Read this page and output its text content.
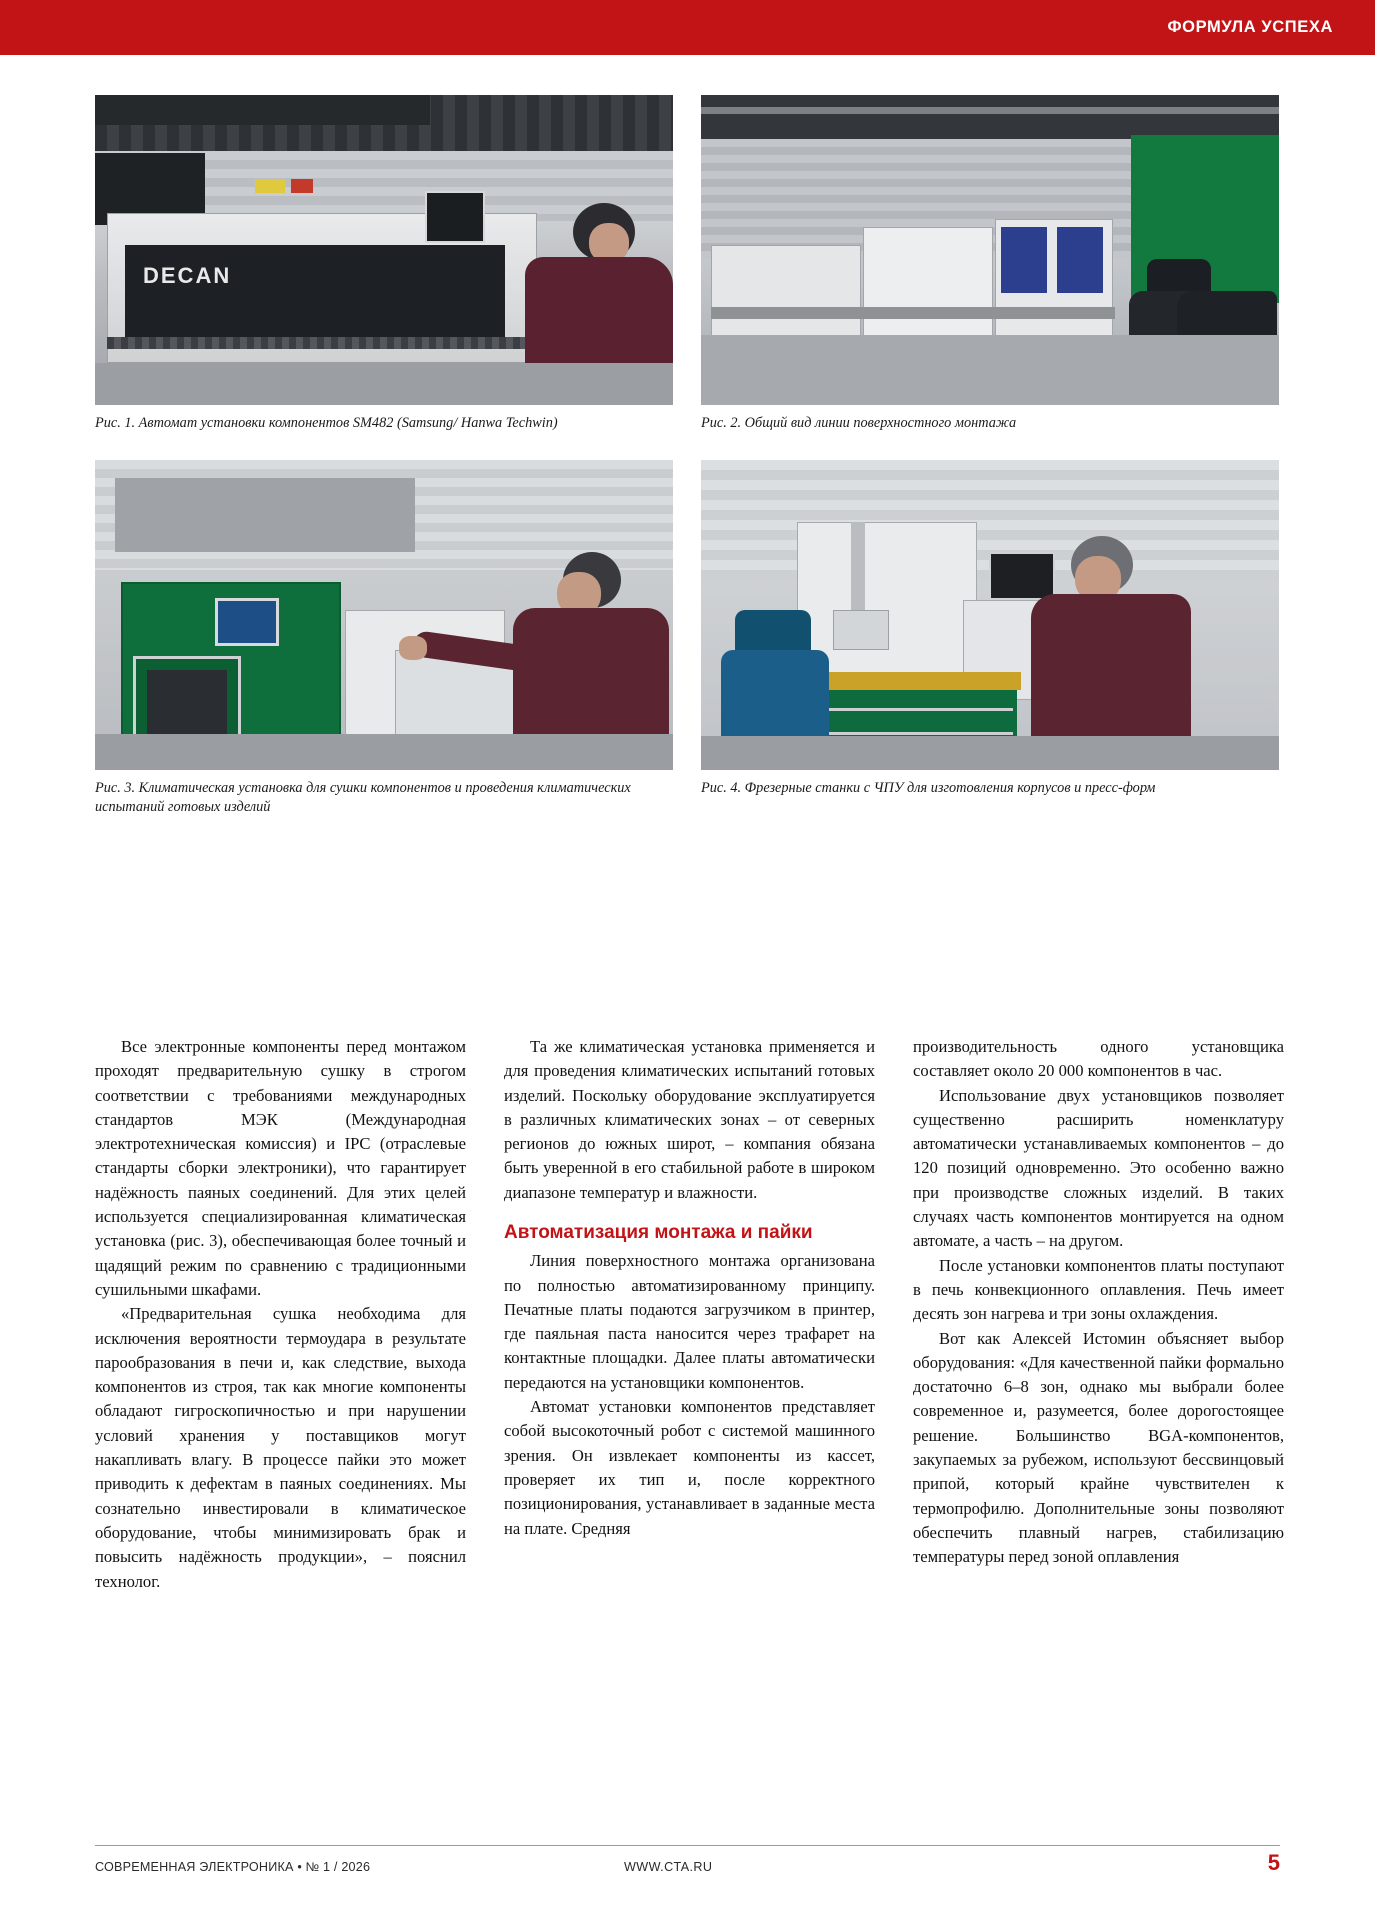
ФОРМУЛА УСПЕХА
DECAN
Рис. 1. Автомат установки компонентов SM482 (Samsung/ Hanwa Techwin)	Рис. 2. Общий вид линии поверхностного монтажа
Рис. 3. Климатическая установка для сушки компонентов и проведения климатических испытаний готовых изделий
Рис. 4. Фрезерные станки с ЧПУ для изготовления корпусов и пресс-форм

Все электронные компоненты перед монтажом проходят предварительную сушку в строгом соответствии с требованиями международных стандартов МЭК (Международная электротехническая комиссия) и IPC (отраслевые стандарты сборки электроники), что гарантирует надёжность паяных соединений. Для этих целей используется специализированная климатическая установка (рис. 3), обеспечивающая более точный и щадящий режим по сравнению с традиционными сушильными шкафами.

«Предварительная сушка необходима для исключения вероятности термоудара в результате парообразования в печи и, как следствие, выхода компонентов из строя, так как многие компоненты обладают гигроскопичностью и при нарушении условий хранения у поставщиков могут накапливать влагу. В процессе пайки это может приводить к дефектам в паяных соединениях. Мы сознательно инвестировали в климатическое оборудование, чтобы минимизировать брак и повысить надёжность продукции», – пояснил технолог.

Та же климатическая установка применяется и для проведения климатических испытаний готовых изделий. Поскольку оборудование эксплуатируется в различных климатических зонах – от северных регионов до южных широт, – компания обязана быть уверенной в его стабильной работе в широком диапазоне температур и влажности.

Автоматизация монтажа и пайки

Линия поверхностного монтажа организована по полностью автоматизированному принципу. Печатные платы подаются загрузчиком в принтер, где паяльная паста наносится через трафарет на контактные площадки. Далее платы автоматически передаются на установщики компонентов.

Автомат установки компонентов представляет собой высокоточный робот с системой машинного зрения. Он извлекает компоненты из кассет, проверяет их тип и, после корректного позиционирования, устанавливает в заданные места на плате. Средняя

производительность одного установщика составляет около 20 000 компонентов в час.

Использование двух установщиков позволяет существенно расширить номенклатуру автоматически устанавливаемых компонентов – до 120 позиций одновременно. Это особенно важно при производстве сложных изделий. В таких случаях часть компонентов монтируется на одном автомате, а часть – на другом.

После установки компонентов платы поступают в печь конвекционного оплавления. Печь имеет десять зон нагрева и три зоны охлаждения.

Вот как Алексей Истомин объясняет выбор оборудования: «Для качественной пайки формально достаточно 6–8 зон, однако мы выбрали более современное и, разумеется, более дорогостоящее решение. Большинство BGA-компонентов, закупаемых за рубежом, используют бессвинцовый припой, который крайне чувствителен к термопрофилю. Дополнительные зоны позволяют обеспечить плавный нагрев, стабилизацию температуры перед зоной оплавления

СОВРЕМЕННАЯ ЭЛЕКТРОНИКА • № 1 / 2026	WWW.CTA.RU	5
